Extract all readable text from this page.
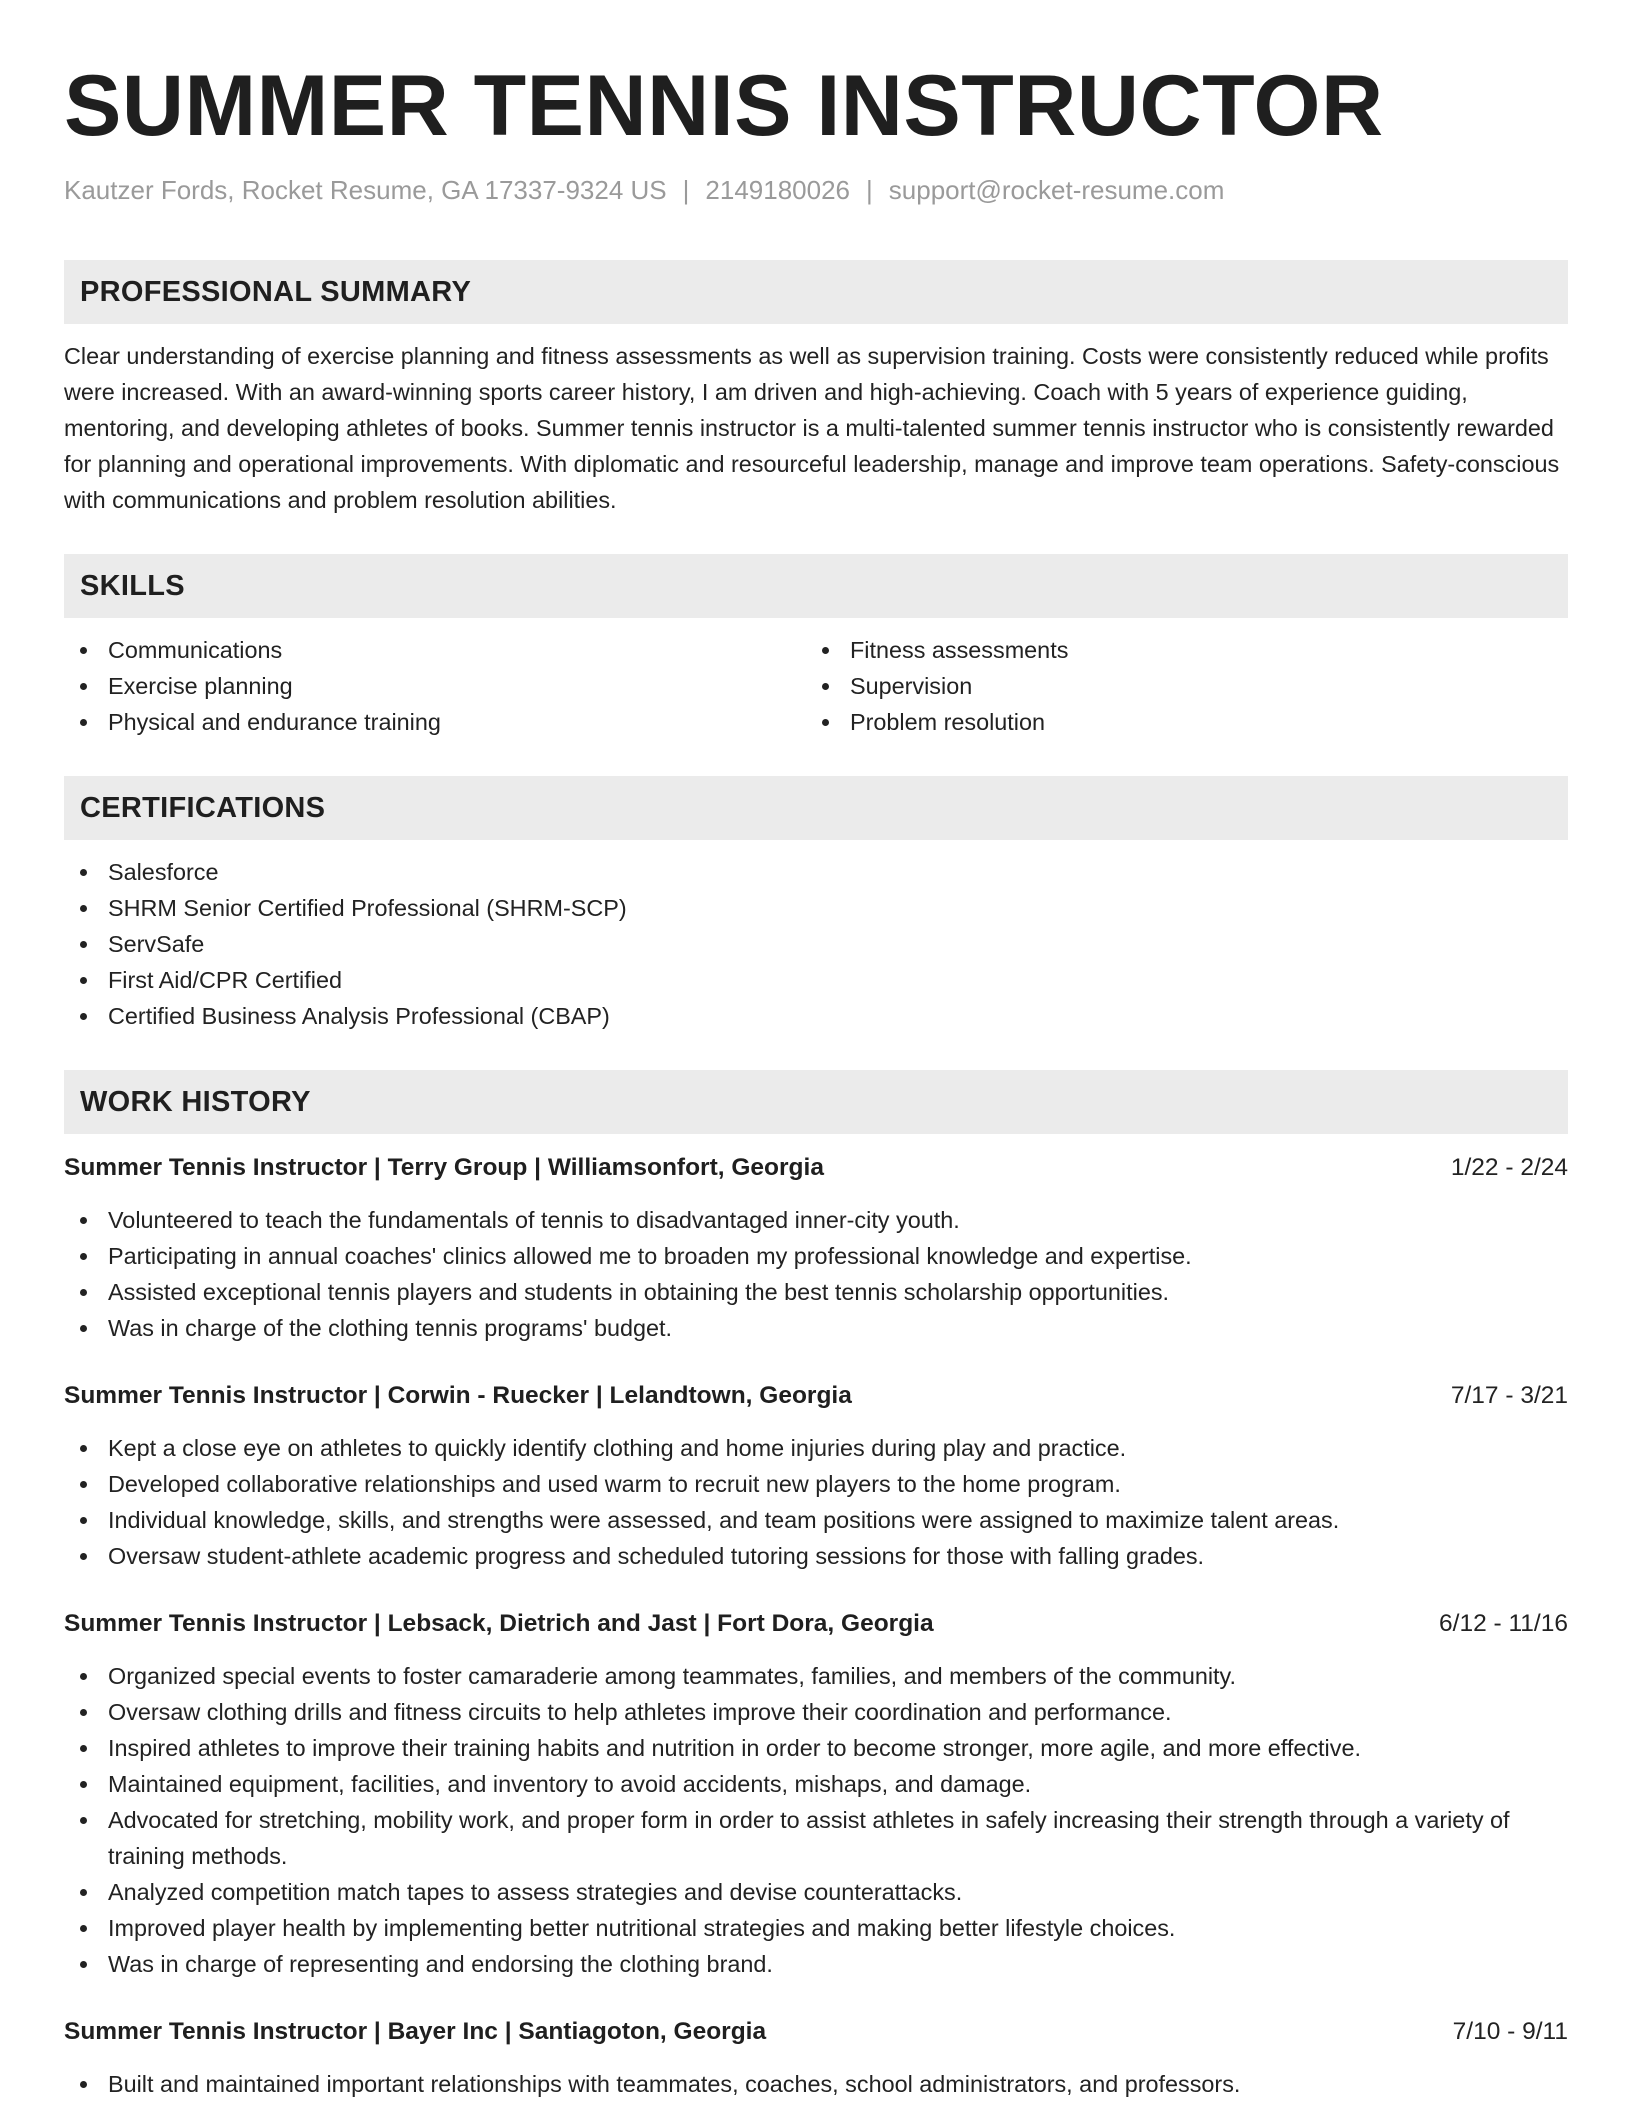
SUMMER TENNIS INSTRUCTOR
Kautzer Fords, Rocket Resume, GA 17337-9324 US | 2149180026 | support@rocket-resume.com
PROFESSIONAL SUMMARY

Clear understanding of exercise planning and fitness assessments as well as supervision training. Costs were consistently reduced while profits were increased. With an award-winning sports career history, I am driven and high-achieving. Coach with 5 years of experience guiding, mentoring, and developing athletes of books. Summer tennis instructor is a multi-talented summer tennis instructor who is consistently rewarded for planning and operational improvements. With diplomatic and resourceful leadership, manage and improve team operations. Safety-conscious with communications and problem resolution abilities.

SKILLS
Communications
Exercise planning
Physical and endurance training
Fitness assessments
Supervision
Problem resolution
CERTIFICATIONS
Salesforce
SHRM Senior Certified Professional (SHRM-SCP)
ServSafe
First Aid/CPR Certified
Certified Business Analysis Professional (CBAP)
WORK HISTORY
Summer Tennis Instructor | Terry Group | Williamsonfort, Georgia	1/22 - 2/24
Volunteered to teach the fundamentals of tennis to disadvantaged inner-city youth.
Participating in annual coaches' clinics allowed me to broaden my professional knowledge and expertise.
Assisted exceptional tennis players and students in obtaining the best tennis scholarship opportunities.
Was in charge of the clothing tennis programs' budget.
Summer Tennis Instructor | Corwin - Ruecker | Lelandtown, Georgia	7/17 - 3/21
Kept a close eye on athletes to quickly identify clothing and home injuries during play and practice.
Developed collaborative relationships and used warm to recruit new players to the home program.
Individual knowledge, skills, and strengths were assessed, and team positions were assigned to maximize talent areas.
Oversaw student-athlete academic progress and scheduled tutoring sessions for those with falling grades.
Summer Tennis Instructor | Lebsack, Dietrich and Jast | Fort Dora, Georgia	6/12 - 11/16
Organized special events to foster camaraderie among teammates, families, and members of the community.
Oversaw clothing drills and fitness circuits to help athletes improve their coordination and performance.
Inspired athletes to improve their training habits and nutrition in order to become stronger, more agile, and more effective.
Maintained equipment, facilities, and inventory to avoid accidents, mishaps, and damage.
Advocated for stretching, mobility work, and proper form in order to assist athletes in safely increasing their strength through a variety of training methods.
Analyzed competition match tapes to assess strategies and devise counterattacks.
Improved player health by implementing better nutritional strategies and making better lifestyle choices.
Was in charge of representing and endorsing the clothing brand.
Summer Tennis Instructor | Bayer Inc | Santiagoton, Georgia	7/10 - 9/11
Built and maintained important relationships with teammates, coaches, school administrators, and professors.
